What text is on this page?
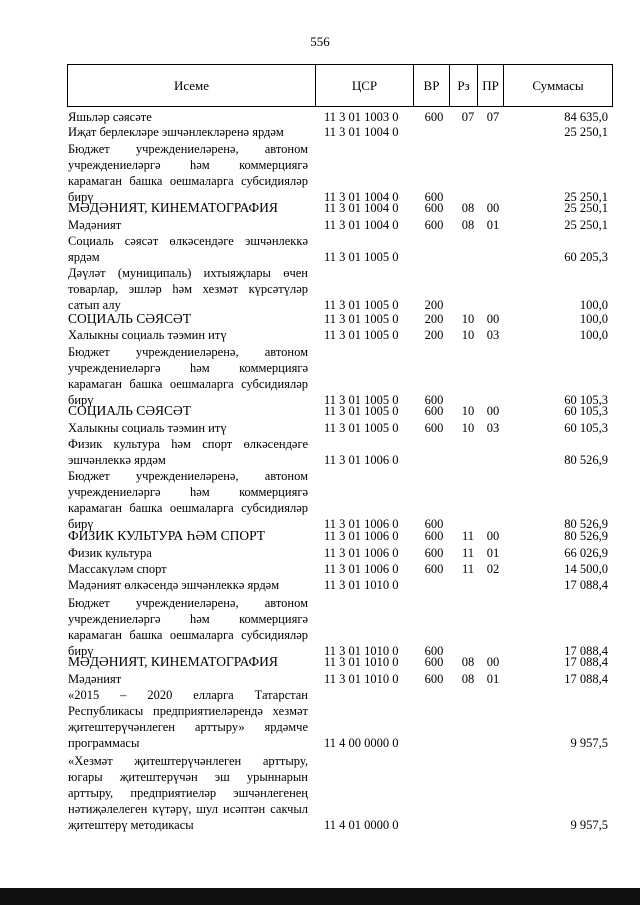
556
Исеме	ЦСР	ВР	Рз ПР	Суммасы
Яшьләр сәясәте	11 3 01 1003 0	600	07	07	84 635,0
Иҗат берлекләре эшчәнлекләренә ярдәм	11 3 01 1004 0	25 250,1
Бюджет учреждениеләренә, автоном учреждениеләргә һәм коммерциягә карамаган башка оешмаларга субсидияләр бирү	11 3 01 1004 0	600	25 250,1
МӘДӘНИЯТ, КИНЕМАТОГРАФИЯ	11 3 01 1004 0	600	08	00	25 250,1
Мәдәният	11 3 01 1004 0	600	08	01	25 250,1
Социаль сәясәт өлкәсендәге эшчәнлеккә ярдәм	11 3 01 1005 0	60 205,3
Дәүләт (муниципаль) ихтыяҗлары өчен товарлар, эшләр һәм хезмәт күрсәтүләр сатып алу	11 3 01 1005 0	200	100,0
СОЦИАЛЬ СӘЯСӘТ	11 3 01 1005 0	200	10	00	100,0
Халыкны социаль тәэмин итү	11 3 01 1005 0	200	10	03	100,0
Бюджет учреждениеләренә, автоном учреждениеләргә һәм коммерциягә карамаган башка оешмаларга субсидияләр бирү	11 3 01 1005 0	600	60 105,3
СОЦИАЛЬ СӘЯСӘТ	11 3 01 1005 0	600	10	00	60 105,3
Халыкны социаль тәэмин итү	11 3 01 1005 0	600	10	03	60 105,3
Физик культура һәм спорт өлкәсендәге эшчәнлеккә ярдәм	11 3 01 1006 0	80 526,9
Бюджет учреждениеләренә, автоном учреждениеләргә һәм коммерциягә карамаган башка оешмаларга субсидияләр бирү	11 3 01 1006 0	600	80 526,9
ФИЗИК КУЛЬТУРА ҺӘМ СПОРТ	11 3 01 1006 0	600	11	00	80 526,9
Физик культура	11 3 01 1006 0	600	11	01	66 026,9
Массакүләм спорт	11 3 01 1006 0	600	11	02	14 500,0
Мәдәният өлкәсендә эшчәнлеккә ярдәм	11 3 01 1010 0	17 088,4
Бюджет учреждениеләренә, автоном учреждениеләргә һәм коммерциягә карамаган башка оешмаларга субсидияләр бирү	11 3 01 1010 0	600	17 088,4
МӘДӘНИЯТ, КИНЕМАТОГРАФИЯ	11 3 01 1010 0	600	08	00	17 088,4
Мәдәният	11 3 01 1010 0	600	08	01	17 088,4
«2015 – 2020 елларга Татарстан Республикасы предприятиеләрендә хезмәт җитештерүчәнлеген арттыру» ярдәмче программасы	11 4 00 0000 0	9 957,5
«Хезмәт җитештерүчәнлеген арттыру, югары җитештерүчән эш урыннарын арттыру, предприятиеләр эшчәнлегенең нәтиҗәлелеген күтәрү, шул исәптән сакчыл җитештерү методикасы	11 4 01 0000 0	9 957,5
